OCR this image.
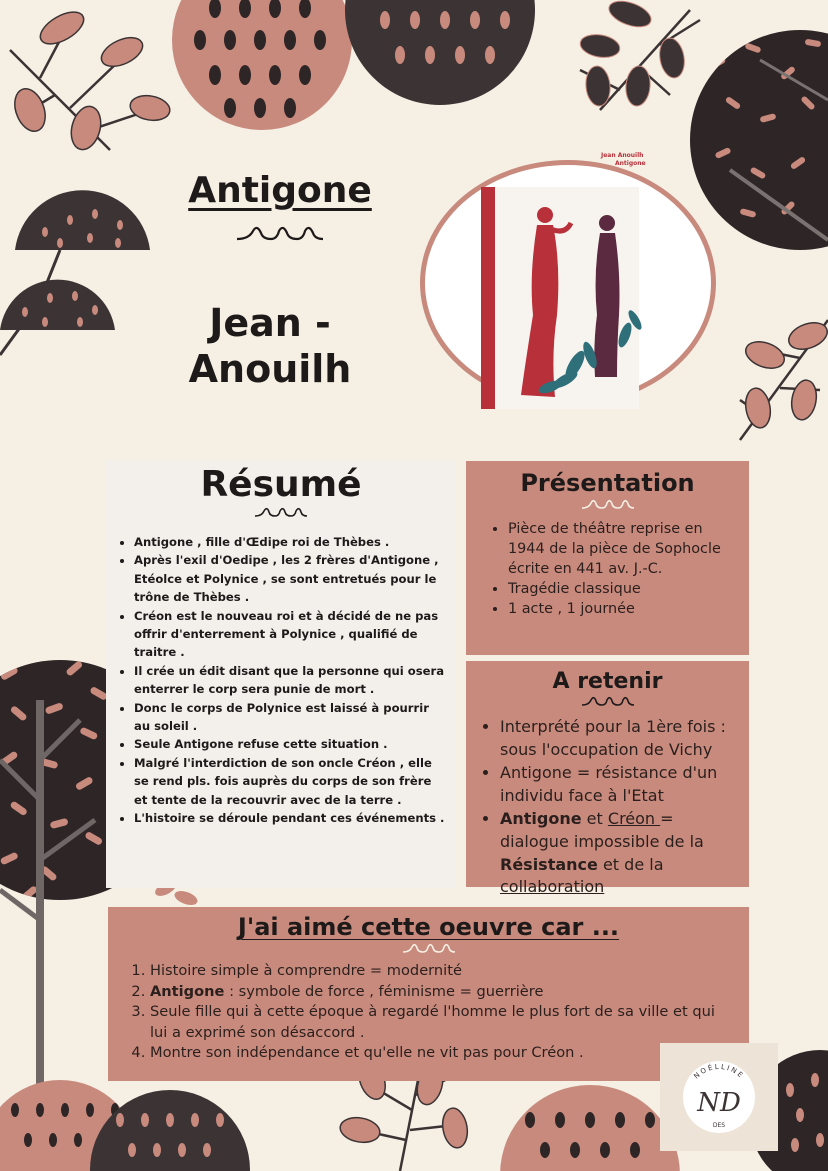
Antigone
Jean -
Anouilh
Jean Anouilh
Antigone
Résumé
• Antigone , fille d'Œdipe roi de Thèbes .
• Après l'exil d'Oedipe , les 2 frères d'Antigone , Etéolce et Polynice , se sont entretués pour le trône de Thèbes .
• Créon est le nouveau roi et à décidé de ne pas offrir d'enterrement à Polynice , qualifié de traitre .
• Il crée un édit disant que la personne qui osera enterrer le corp sera punie de mort .
• Donc le corps de Polynice est laissé à pourrir au soleil .
• Seule Antigone refuse cette situation .
• Malgré l'interdiction de son oncle Créon , elle se rend pls. fois auprès du corps de son frère et tente de la recouvrir avec de la terre .
• L'histoire se déroule pendant ces événements .
Présentation
• Pièce de théâtre reprise en 1944 de la pièce de Sophocle écrite en 441 av. J.-C.
• Tragédie classique
• 1 acte , 1 journée
A retenir
• Interprété pour la 1ère fois : sous l'occupation de Vichy
• Antigone = résistance d'un individu face à l'Etat
• Antigone et Créon = dialogue impossible de la Résistance et de la collaboration
J'ai aimé cette oeuvre car ...
1. Histoire simple à comprendre = modernité
2. Antigone : symbole de force , féminisme = guerrière
3. Seule fille qui à cette époque à regardé l'homme le plus fort de sa ville et qui lui a exprimé son désaccord .
4. Montre son indépendance et qu'elle ne vit pas pour Créon .
NOÉLLINE
ND
DES
